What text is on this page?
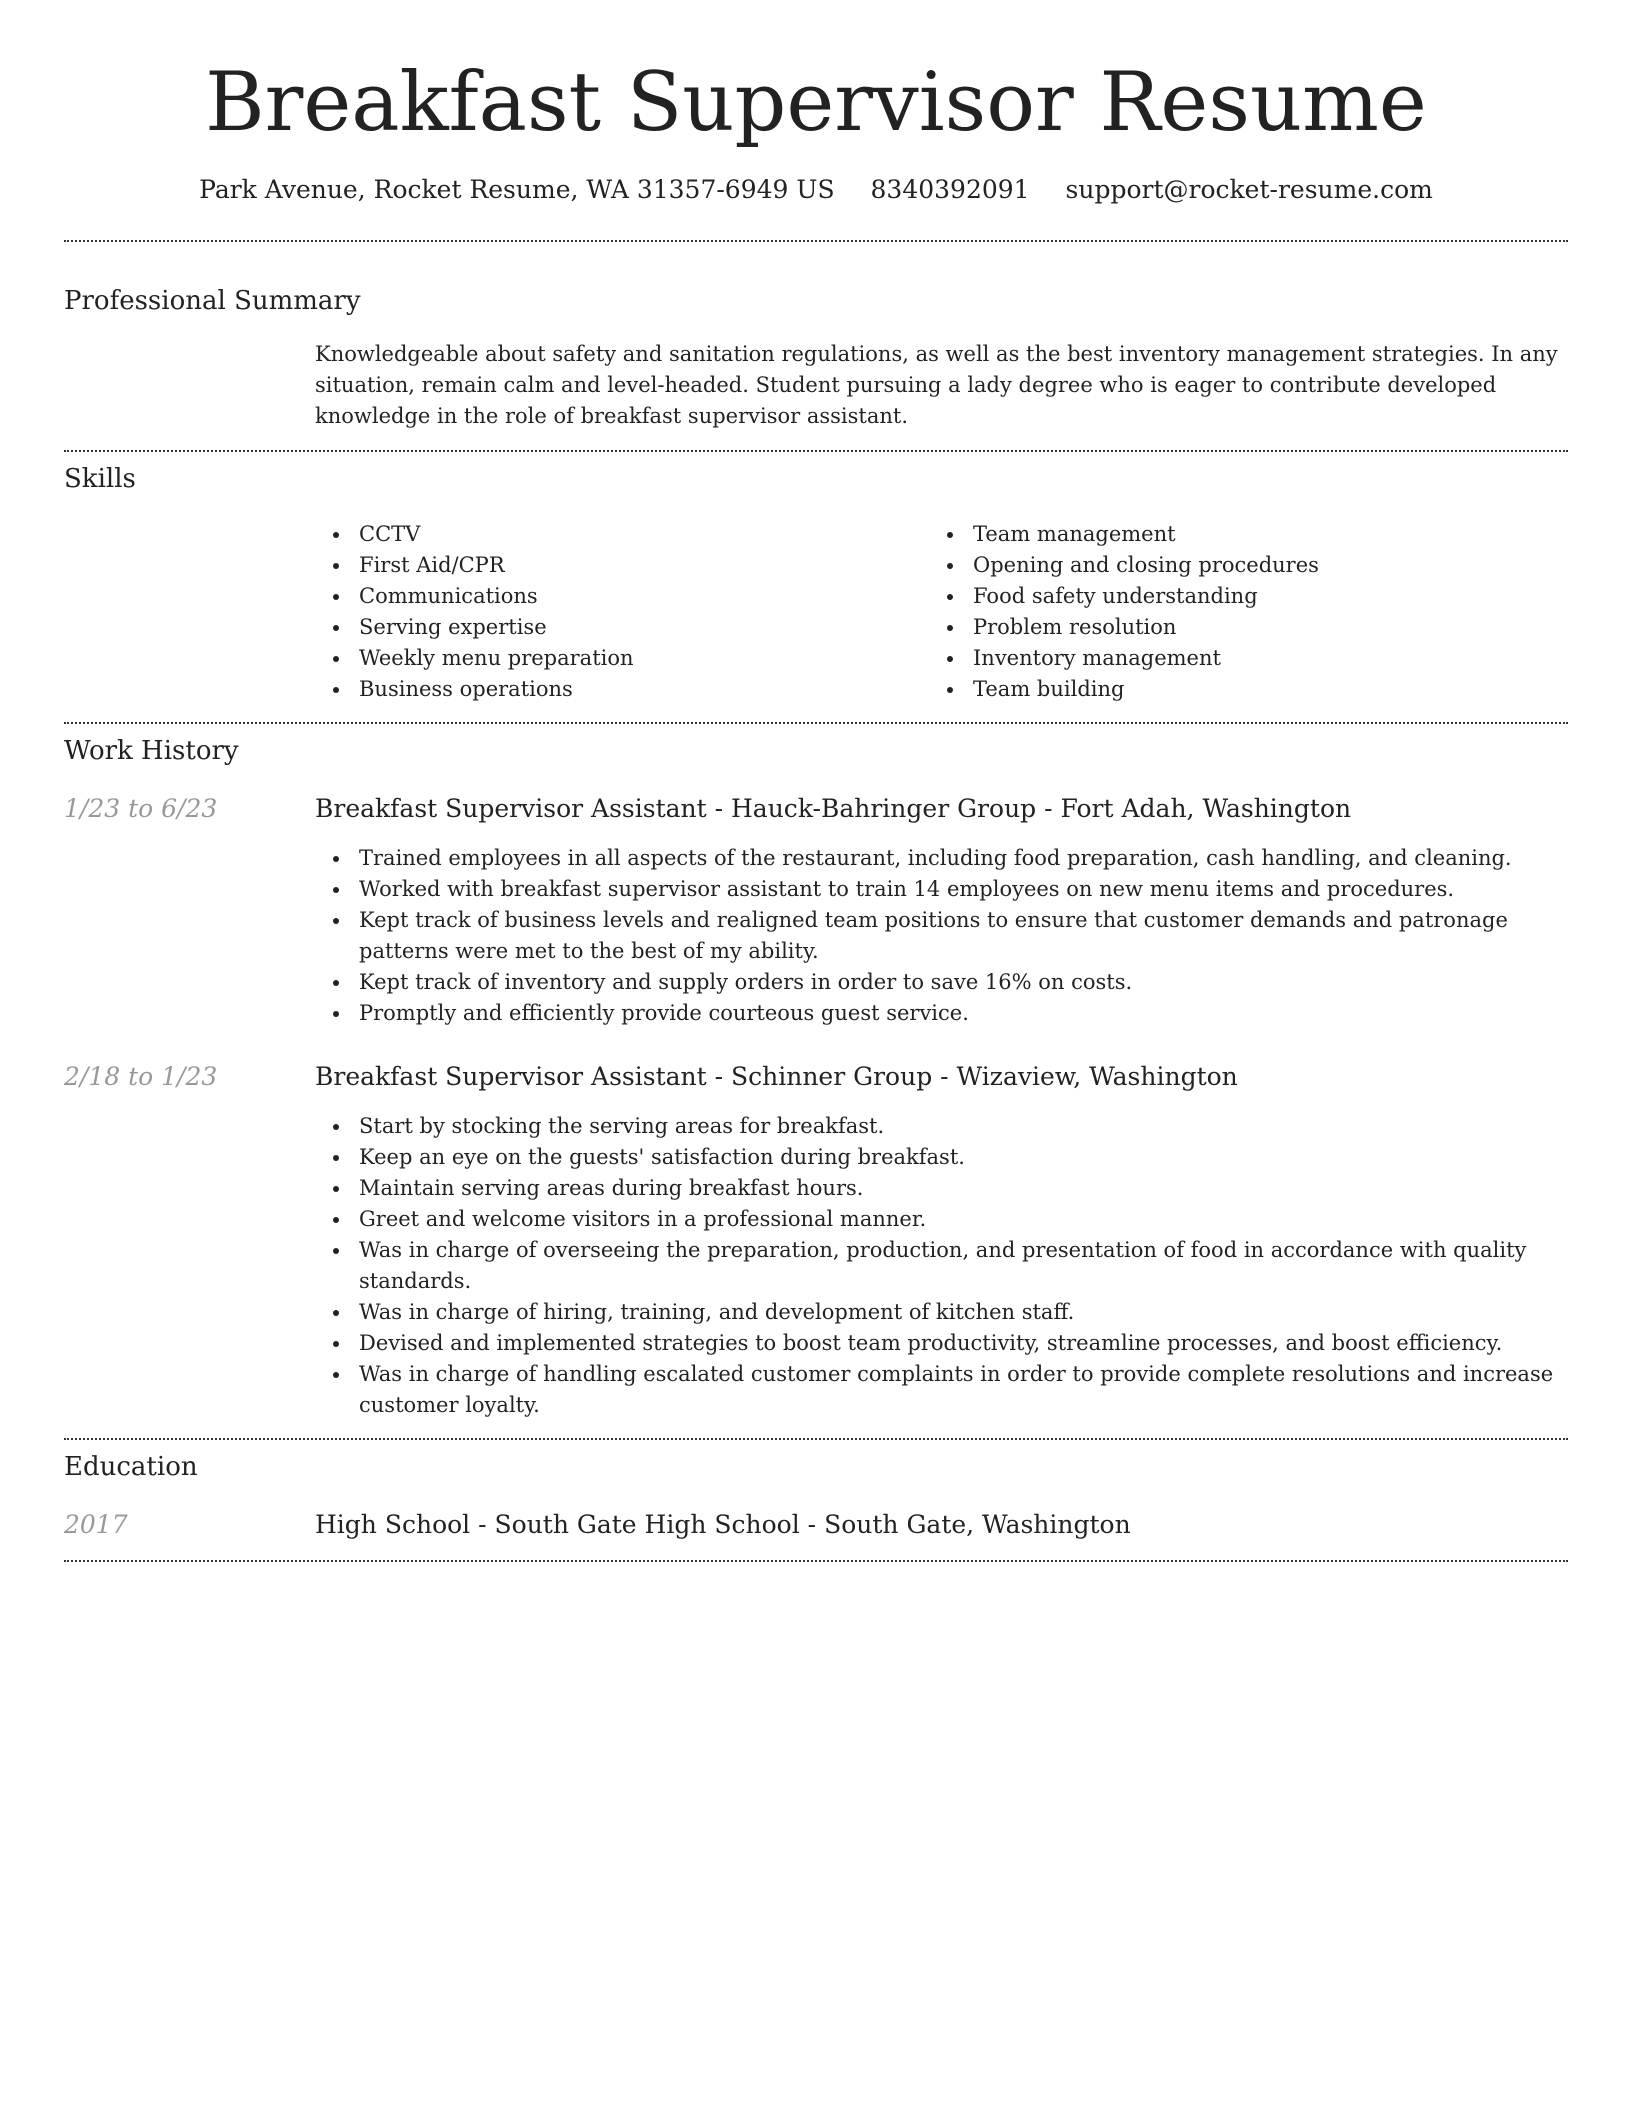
Breakfast Supervisor Resume
Park Avenue, Rocket Resume, WA 31357-6949 US 8340392091 support@rocket-resume.com
Professional Summary

Knowledgeable about safety and sanitation regulations, as well as the best inventory management strategies. In any situation, remain calm and level-headed. Student pursuing a lady degree who is eager to contribute developed knowledge in the role of breakfast supervisor assistant.

Skills
CCTV
First Aid/CPR
Communications
Serving expertise
Weekly menu preparation
Business operations
Team management
Opening and closing procedures
Food safety understanding
Problem resolution
Inventory management
Team building
Work History
1/23 to 6/23	Breakfast Supervisor Assistant - Hauck-Bahringer Group - Fort Adah, Washington
Trained employees in all aspects of the restaurant, including food preparation, cash handling, and cleaning.
Worked with breakfast supervisor assistant to train 14 employees on new menu items and procedures.
Kept track of business levels and realigned team positions to ensure that customer demands and patronage patterns were met to the best of my ability.
Kept track of inventory and supply orders in order to save 16% on costs.
Promptly and efficiently provide courteous guest service.
2/18 to 1/23	Breakfast Supervisor Assistant - Schinner Group - Wizaview, Washington
Start by stocking the serving areas for breakfast.
Keep an eye on the guests' satisfaction during breakfast.
Maintain serving areas during breakfast hours.
Greet and welcome visitors in a professional manner.
Was in charge of overseeing the preparation, production, and presentation of food in accordance with quality standards.
Was in charge of hiring, training, and development of kitchen staff.
Devised and implemented strategies to boost team productivity, streamline processes, and boost efficiency.
Was in charge of handling escalated customer complaints in order to provide complete resolutions and increase customer loyalty.
Education
2017	High School - South Gate High School - South Gate, Washington
